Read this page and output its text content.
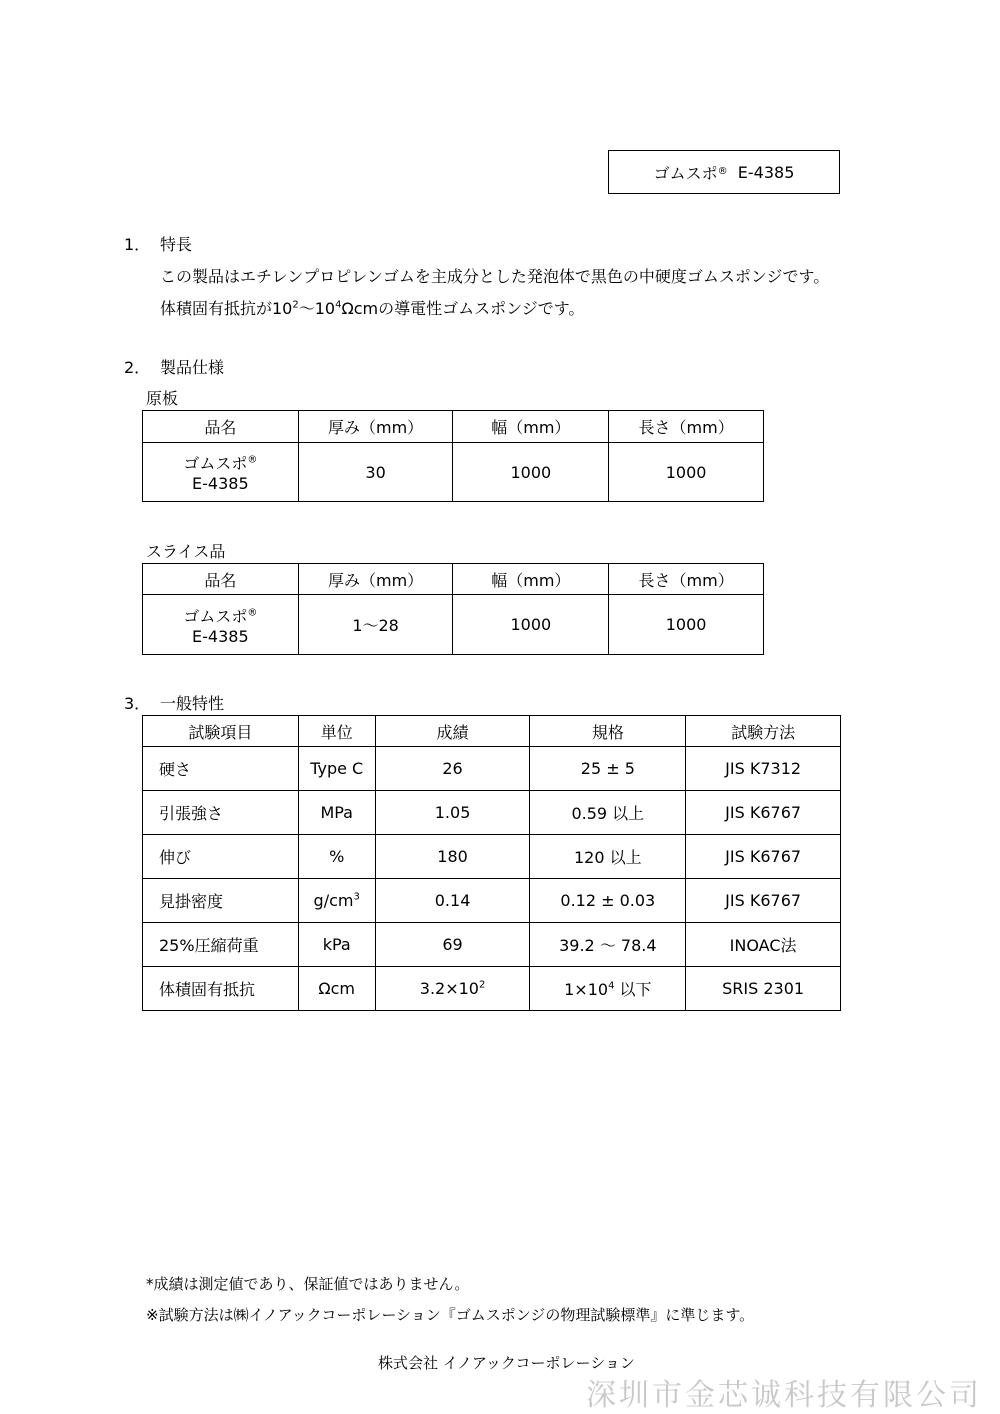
ゴムスポ ®
E-4385
1． 特長
この製品はエチレンプロピレンゴムを主成分とした発泡体で黒色の中硬度ゴムスポンジです。
体積固有抵抗が$10^2\sim 10^4\Omega cm$の導電性ゴムスポンジです。
2． 製品仕様
原板
品名	厚み（mm）	幅（mm）	長さ（mm）
ゴムスポ®
E-4385	30	1000	1000
スライス品
品名	厚み（mm）	幅（mm）	長さ（mm）
ゴムスポ®
E-4385	1～28	1000	1000
3． 一般特性
試験項目	単位	成績	規格	試験方法
硬さ	Type C	26	25 ± 5	JIS K7312
引張強さ	MPa	1.05	0.59 以上	JIS K6767
伸び	%	180	120 以上	JIS K6767
見掛密度	$g/cm^3$	0.14	0.12 ± 0.03	JIS K6767
25%圧縮荷重	kPa	69	39.2 ～ 78.4	INOAC法
体積固有抵抗	Ωcm	$3.2\times 10^2$	$1\times 10^4$ 以下	SRIS 2301
*成績は測定値であり、保証値ではありません。
※試験方法は㈱イノアックコーポレーション『ゴムスポンジの物理試験標準』に準じます。
株式会社 イノアックコーポレーション
深圳市金芯诚科技有限公司
